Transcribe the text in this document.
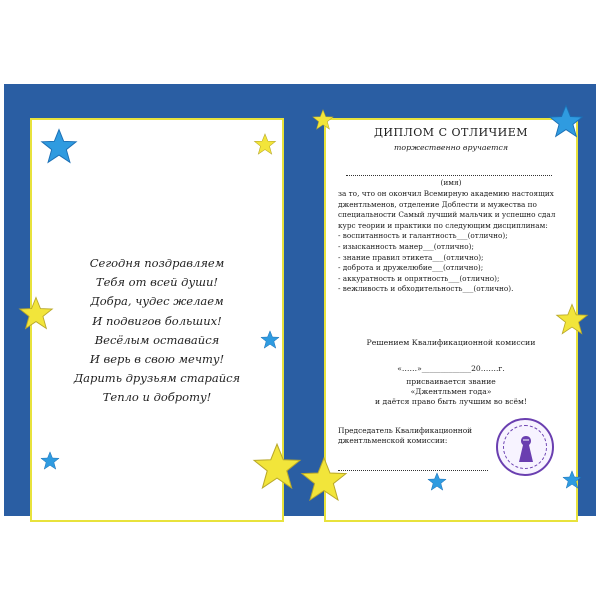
Сегодня поздравляем
Тебя от всей души!
Добра, чудес желаем
И подвигов больших!
Весёлым оставайся
И верь в свою мечту!
Дарить друзьям старайся
Тепло и доброту!
ДИПЛОМ С ОТЛИЧИЕМ
торжественно вручается
(имя)
за то, что он окончил Всемирную академию настоящих джентльменов, отделение Доблести и мужества по специальности Самый лучший мальчик и успешно сдал курс теории и практики по следующим дисциплинам:
- воспитанность и галантность___(отлично);
- изысканность манер___(отлично);
- знание правил этикета___(отлично);
- доброта и дружелюбие___(отлично);
- аккуратность и опрятность___(отлично);
- вежливость и обходительность___(отлично).
Решением Квалификационной комиссии
«……»_____________20…….г.
присваивается звание
«Джентльмен года»
и даётся право быть лучшим во всём!
Председатель Квалификационной джентльменской комиссии:
